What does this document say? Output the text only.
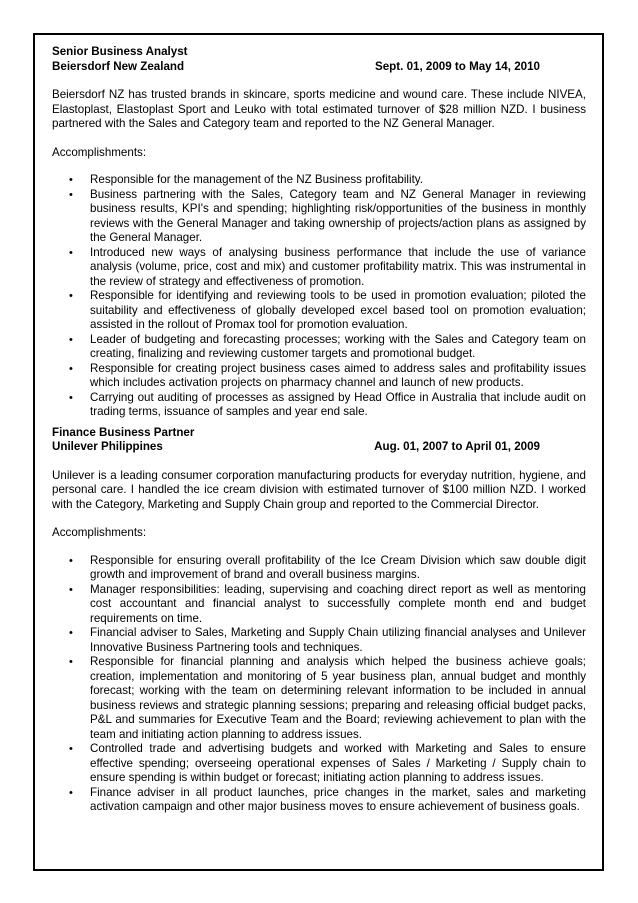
Senior Business Analyst
Beiersdorf New Zealand	Sept. 01, 2009 to May 14, 2010
Beiersdorf NZ has trusted brands in skincare, sports medicine and wound care. These include NIVEA, Elastoplast, Elastoplast Sport and Leuko with total estimated turnover of $28 million NZD. I business partnered with the Sales and Category team and reported to the NZ General Manager.
Accomplishments:
• Responsible for the management of the NZ Business profitability.
• Business partnering with the Sales, Category team and NZ General Manager in reviewing business results, KPI's and spending; highlighting risk/opportunities of the business in monthly reviews with the General Manager and taking ownership of projects/action plans as assigned by the General Manager.
• Introduced new ways of analysing business performance that include the use of variance analysis (volume, price, cost and mix) and customer profitability matrix. This was instrumental in the review of strategy and effectiveness of promotion.
• Responsible for identifying and reviewing tools to be used in promotion evaluation; piloted the suitability and effectiveness of globally developed excel based tool on promotion evaluation; assisted in the rollout of Promax tool for promotion evaluation.
• Leader of budgeting and forecasting processes; working with the Sales and Category team on creating, finalizing and reviewing customer targets and promotional budget.
• Responsible for creating project business cases aimed to address sales and profitability issues which includes activation projects on pharmacy channel and launch of new products.
• Carrying out auditing of processes as assigned by Head Office in Australia that include audit on trading terms, issuance of samples and year end sale.
Finance Business Partner
Unilever Philippines	Aug. 01, 2007 to April 01, 2009
Unilever is a leading consumer corporation manufacturing products for everyday nutrition, hygiene, and personal care. I handled the ice cream division with estimated turnover of $100 million NZD. I worked with the Category, Marketing and Supply Chain group and reported to the Commercial Director.
Accomplishments:
• Responsible for ensuring overall profitability of the Ice Cream Division which saw double digit growth and improvement of brand and overall business margins.
• Manager responsibilities: leading, supervising and coaching direct report as well as mentoring cost accountant and financial analyst to successfully complete month end and budget requirements on time.
• Financial adviser to Sales, Marketing and Supply Chain utilizing financial analyses and Unilever Innovative Business Partnering tools and techniques.
• Responsible for financial planning and analysis which helped the business achieve goals; creation, implementation and monitoring of 5 year business plan, annual budget and monthly forecast; working with the team on determining relevant information to be included in annual business reviews and strategic planning sessions; preparing and releasing official budget packs, P&L and summaries for Executive Team and the Board; reviewing achievement to plan with the team and initiating action planning to address issues.
• Controlled trade and advertising budgets and worked with Marketing and Sales to ensure effective spending; overseeing operational expenses of Sales / Marketing / Supply chain to ensure spending is within budget or forecast; initiating action planning to address issues.
• Finance adviser in all product launches, price changes in the market, sales and marketing activation campaign and other major business moves to ensure achievement of business goals.
